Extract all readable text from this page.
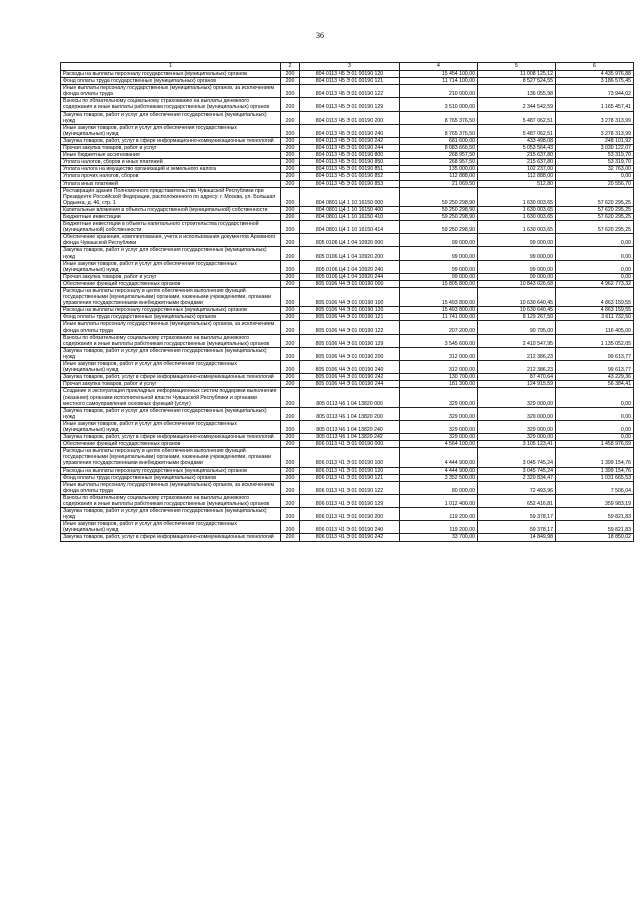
36
1	2	3	4	5	6
Расходы на выплаты персоналу государственных (муниципальных) органов	200	804 0113 Ч5 Э 01 00190 120	15 454 100,00	11 008 125,12	4 435 976,88
Фонд оплаты труда государственных (муниципальных) органов	200	804 0113 Ч5 Э 01 00190 121	11 714 100,00	8 527 524,55	3 186 575,45
Иные выплаты персоналу государственных (муниципальных) органов, за исключением фонда оплаты труда	200	804 0113 Ч5 Э 01 00190 122	210 000,00	136 055,98	73 944,02
Взносы по обязательному социальному страхованию на выплаты денежного содержания и иные выплаты работникам государственных (муниципальных) органов	200	804 0113 Ч5 Э 01 00190 129	3 510 000,00	2 344 542,59	1 165 457,41
Закупка товаров, работ и услуг для обеспечения государственных (муниципальных) нужд	200	804 0113 Ч5 Э 01 00190 200	8 765 376,50	5 487 062,51	3 278 313,99
Иные закупки товаров, работ и услуг для обеспечения государственных (муниципальных) нужд	200	804 0113 Ч5 Э 01 00190 240	8 765 376,50	5 487 062,51	3 278 313,99
Закупка товаров, работ, услуг в сфере информационно-коммуникационных технологий	200	804 0113 Ч5 Э 01 00190 242	681 600,00	433 498,08	248 101,92
Прочая закупка товаров, работ и услуг	200	804 0113 Ч5 Э 01 00190 244	8 083 666,50	5 053 564,43	3 030 122,07
Иные бюджетные ассигнования	200	804 0113 Ч5 Э 01 00190 800	268 957,50	215 637,80	53 319,70
Уплата налогов, сборов и иных платежей	200	804 0113 Ч5 Э 01 00190 850	268 957,50	215 637,80	53 319,70
Уплата налога на имущество организаций и земельного налога	200	804 0113 Ч5 Э 01 00190 851	135 000,00	102 237,00	32 763,00
Уплата прочих налогов, сборов	200	804 0113 Ч5 Э 01 00190 852	112 888,00	112 888,00	0,00
Уплата иных платежей	200	804 0113 Ч5 Э 01 00190 853	21 069,50	512,80	20 556,70
Реставрация здания Полномочного представительства Чувашской Республики при Президенте Российской Федерации, расположенного по адресу: г. Москва, ул. Большая Ордынка, д. 46, стр. 1	200	804 0801 Ц4 1 10 16150 000	59 250 298,90	1 630 003,65	57 620 295,25
Капитальные вложения в объекты государственной (муниципальной) собственности	200	804 0801 Ц4 1 10 16150 400	59 250 298,90	1 630 003,65	57 620 295,25
Бюджетные инвестиции	200	804 0801 Ц4 1 10 16150 410	59 250 298,90	1 630 003,65	57 620 295,25
Бюджетные инвестиции в объекты капитального строительства государственной (муниципальной) собственности	200	804 0801 Ц4 1 10 16150 414	59 250 298,90	1 630 003,65	57 620 295,25
Обеспечение хранения, комплектования, учета и использования документов Архивного фонда Чувашской Республики	200	805 0106 Ц4 1 04 10920 000	99 000,00	99 000,00	0,00
Закупка товаров, работ и услуг для обеспечения государственных (муниципальных) нужд	200	805 0106 Ц4 1 04 10920 200	99 000,00	99 000,00	0,00
Иные закупки товаров, работ и услуг для обеспечения государственных (муниципальных) нужд	200	805 0106 Ц4 1 04 10920 240	99 000,00	99 000,00	0,00
Прочая закупка товаров, работ и услуг	200	805 0106 Ц4 1 04 10920 244	99 000,00	99 000,00	0,00
Обеспечение функций государственных органов	200	805 0106 Ч4 Э 01 00190 000	15 805 800,00	10 843 026,68	4 962 773,32
Расходы на выплаты персоналу в целях обеспечения выполнения функций государственными (муниципальными) органами, казенными учреждениями, органами управления государственными внебюджетными фондами	200	805 0106 Ч4 Э 01 00190 100	15 493 800,00	10 630 640,45	4 863 159,55
Расходы на выплаты персоналу государственных (муниципальных) органов	200	805 0106 Ч4 Э 01 00190 120	15 493 800,00	10 630 640,45	4 863 159,55
Фонд оплаты труда государственных (муниципальных) органов	200	805 0106 Ч4 Э 01 00190 121	11 741 000,00	8 129 267,50	3 611 732,50
Иные выплаты персоналу государственных (муниципальных) органов, за исключением фонда оплаты труда	200	805 0106 Ч4 Э 01 00190 122	207 200,00	90 795,00	116 405,00
Взносы по обязательному социальному страхованию на выплаты денежного содержания и иные выплаты работникам государственных (муниципальных) органов	200	805 0106 Ч4 Э 01 00190 129	3 545 600,00	2 410 547,95	1 135 052,05
Закупка товаров, работ и услуг для обеспечения государственных (муниципальных) нужд	200	805 0106 Ч4 Э 01 00190 200	312 000,00	212 386,23	99 613,77
Иные закупки товаров, работ и услуг для обеспечения государственных (муниципальных) нужд	200	805 0106 Ч4 Э 01 00190 240	312 000,00	212 386,23	99 613,77
Закупка товаров, работ, услуг в сфере информационно-коммуникационных технологий	200	805 0106 Ч4 Э 01 00190 242	130 700,00	87 470,64	43 229,36
Прочая закупка товаров, работ и услуг	200	805 0106 Ч4 Э 01 00190 244	181 300,00	124 915,59	56 384,41
Создание и эксплуатация прикладных информационных систем поддержки выполнения (оказания) органами исполнительной власти Чувашской Республики и органами местного самоуправления основных функций (услуг)	200	805 0113 Ч6 1 04 13820 000	329 000,00	329 000,00	0,00
Закупка товаров, работ и услуг для обеспечения государственных (муниципальных) нужд	200	805 0113 Ч6 1 04 13820 200	329 000,00	329 000,00	0,00
Иные закупки товаров, работ и услуг для обеспечения государственных (муниципальных) нужд	200	805 0113 Ч6 1 04 13820 240	329 000,00	329 000,00	0,00
Закупка товаров, работ, услуг в сфере информационно-коммуникационных технологий	200	805 0113 Ч6 1 04 13820 242	329 000,00	329 000,00	0,00
Обеспечение функций государственных органов	200	806 0113 Ч1 Э 01 00190 000	4 564 100,00	3 105 123,41	1 458 976,59
Расходы на выплаты персоналу в целях обеспечения выполнения функций государственными (муниципальными) органами, казенными учреждениями, органами управления государственными внебюджетными фондами	200	806 0113 Ч1 Э 01 00190 100	4 444 900,00	3 045 745,24	1 399 154,76
Расходы на выплаты персоналу государственных (муниципальных) органов	200	806 0113 Ч1 Э 01 00190 120	4 444 900,00	3 045 745,24	1 399 154,76
Фонд оплаты труда государственных (муниципальных) органов	200	806 0113 Ч1 Э 01 00190 121	3 352 500,00	2 320 834,47	1 031 665,53
Иные выплаты персоналу государственных (муниципальных) органов, за исключением фонда оплаты труда	200	806 0113 Ч1 Э 01 00190 122	80 000,00	72 493,96	7 506,04
Взносы по обязательному социальному страхованию на выплаты денежного содержания и иные выплаты работникам государственных (муниципальных) органов	200	806 0113 Ч1 Э 01 00190 129	1 012 400,00	652 416,81	359 983,19
Закупка товаров, работ и услуг для обеспечения государственных (муниципальных) нужд	200	806 0113 Ч1 Э 01 00190 200	119 200,00	59 378,17	59 821,83
Иные закупки товаров, работ и услуг для обеспечения государственных (муниципальных) нужд	200	806 0113 Ч1 Э 01 00190 240	119 200,00	59 378,17	59 821,83
Закупка товаров, работ, услуг в сфере информационно-коммуникационных технологий	200	806 0113 Ч1 Э 01 00190 242	33 700,00	14 849,98	18 850,02
